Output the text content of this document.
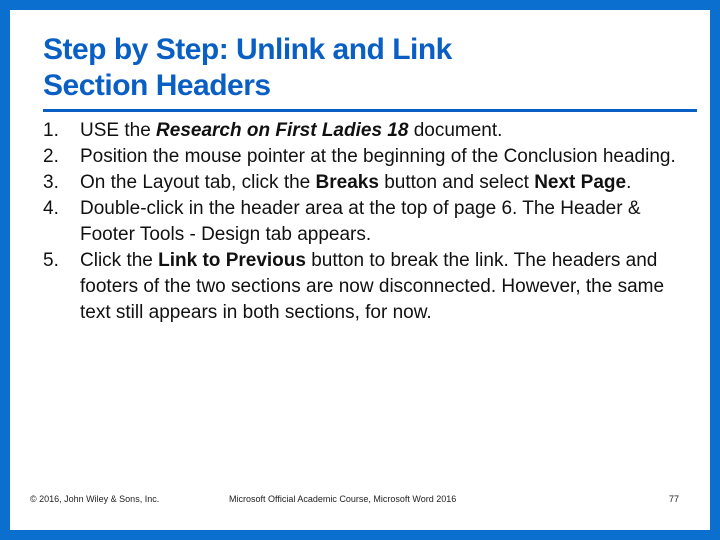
Step by Step: Unlink and Link
Section Headers
1. USE the Research on First Ladies 18 document.
2. Position the mouse pointer at the beginning of the Conclusion heading.
3. On the Layout tab, click the Breaks button and select Next Page.
4. Double-click in the header area at the top of page 6. The Header & Footer Tools - Design tab appears.
5. Click the Link to Previous button to break the link. The headers and footers of the two sections are now disconnected. However, the same text still appears in both sections, for now.
© 2016, John Wiley & Sons, Inc.	Microsoft Official Academic Course, Microsoft Word 2016	77
